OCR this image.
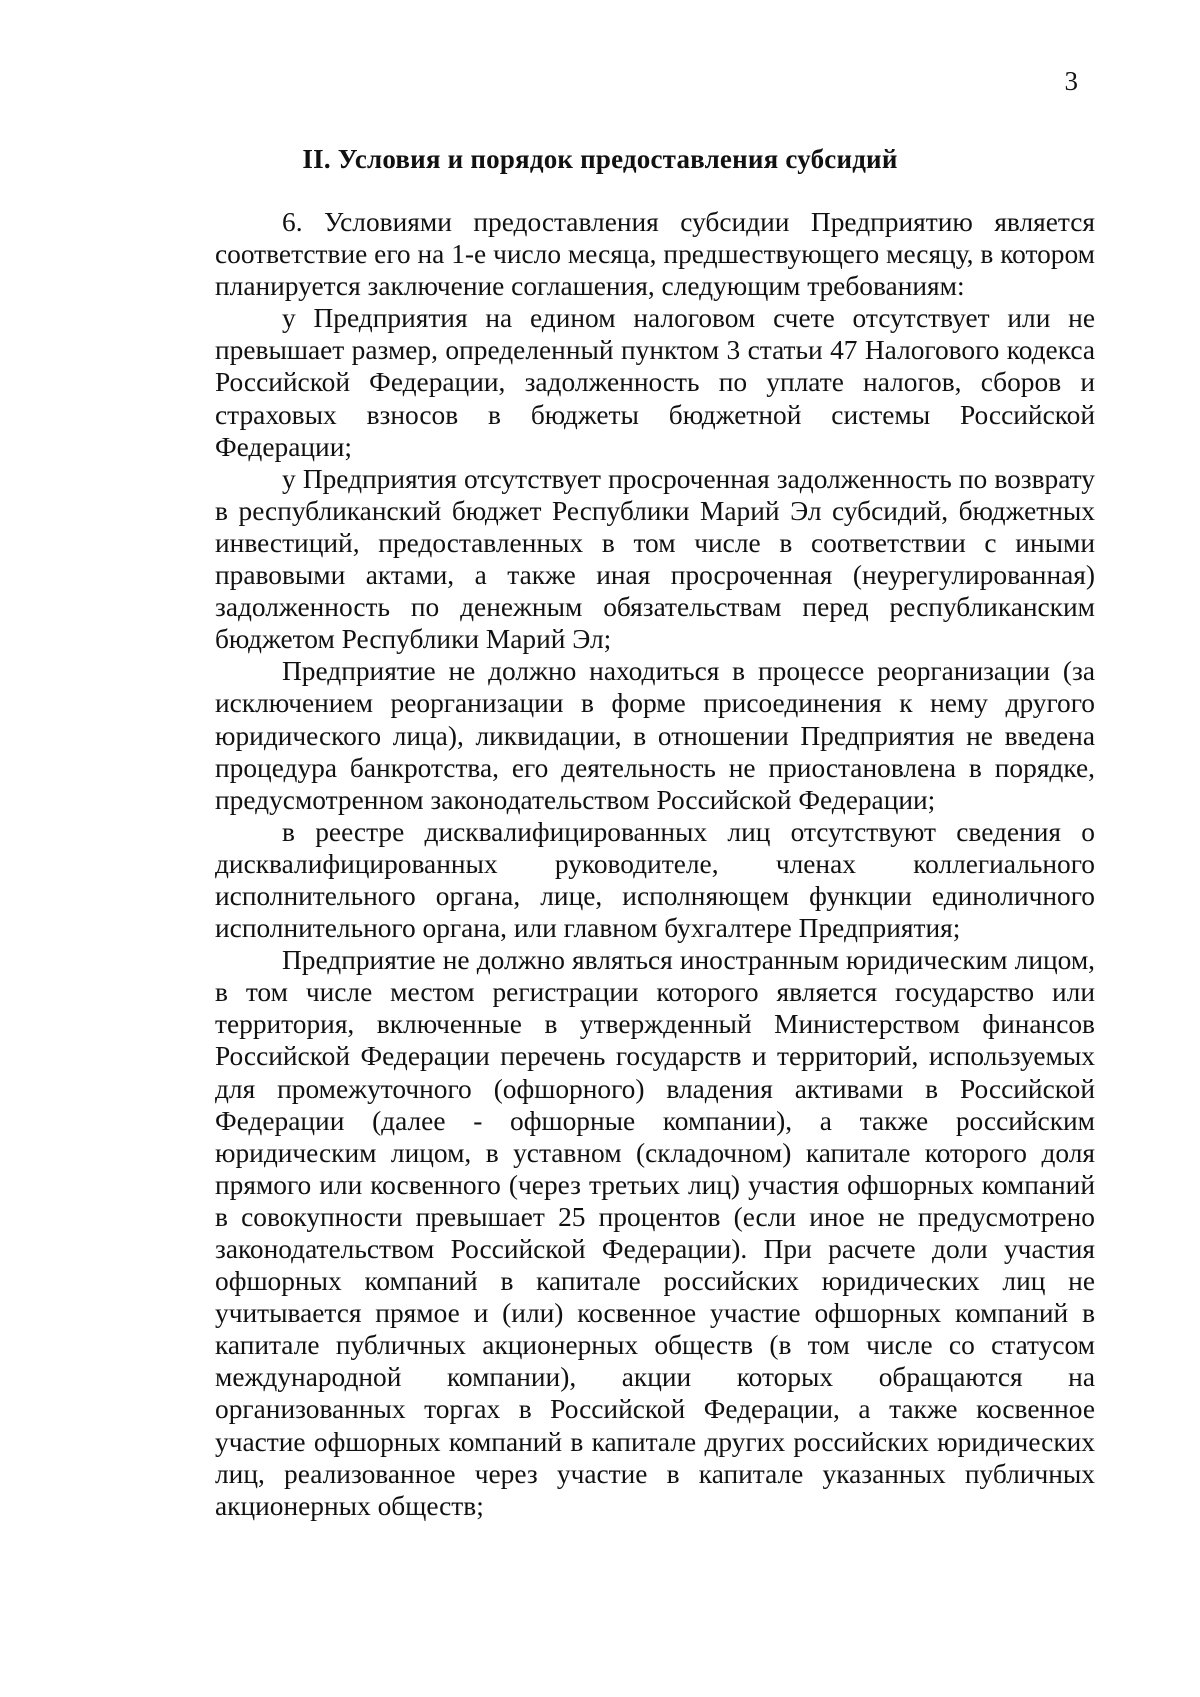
3
II. Условия и порядок предоставления субсидий

6. Условиями предоставления субсидии Предприятию является соответствие его на 1-е число месяца, предшествующего месяцу, в котором планируется заключение соглашения, следующим требованиям:

у Предприятия на едином налоговом счете отсутствует или не превышает размер, определенный пунктом 3 статьи 47 Налогового кодекса Российской Федерации, задолженность по уплате налогов, сборов и страховых взносов в бюджеты бюджетной системы Российской Федерации;

у Предприятия отсутствует просроченная задолженность по возврату в республиканский бюджет Республики Марий Эл субсидий, бюджетных инвестиций, предоставленных в том числе в соответствии с иными правовыми актами, а также иная просроченная (неурегулированная) задолженность по денежным обязательствам перед республиканским бюджетом Республики Марий Эл;

Предприятие не должно находиться в процессе реорганизации (за исключением реорганизации в форме присоединения к нему другого юридического лица), ликвидации, в отношении Предприятия не введена процедура банкротства, его деятельность не приостановлена в порядке, предусмотренном законодательством Российской Федерации;

в реестре дисквалифицированных лиц отсутствуют сведения о дисквалифицированных руководителе, членах коллегиального исполнительного органа, лице, исполняющем функции единоличного исполнительного органа, или главном бухгалтере Предприятия;

Предприятие не должно являться иностранным юридическим лицом, в том числе местом регистрации которого является государство или территория, включенные в утвержденный Министерством финансов Российской Федерации перечень государств и территорий, используемых для промежуточного (офшорного) владения активами в Российской Федерации (далее - офшорные компании), а также российским юридическим лицом, в уставном (складочном) капитале которого доля прямого или косвенного (через третьих лиц) участия офшорных компаний в совокупности превышает 25 процентов (если иное не предусмотрено законодательством Российской Федерации). При расчете доли участия офшорных компаний в капитале российских юридических лиц не учитывается прямое и (или) косвенное участие офшорных компаний в капитале публичных акционерных обществ (в том числе со статусом международной компании), акции которых обращаются на организованных торгах в Российской Федерации, а также косвенное участие офшорных компаний в капитале других российских юридических лиц, реализованное через участие в капитале указанных публичных акционерных обществ;
